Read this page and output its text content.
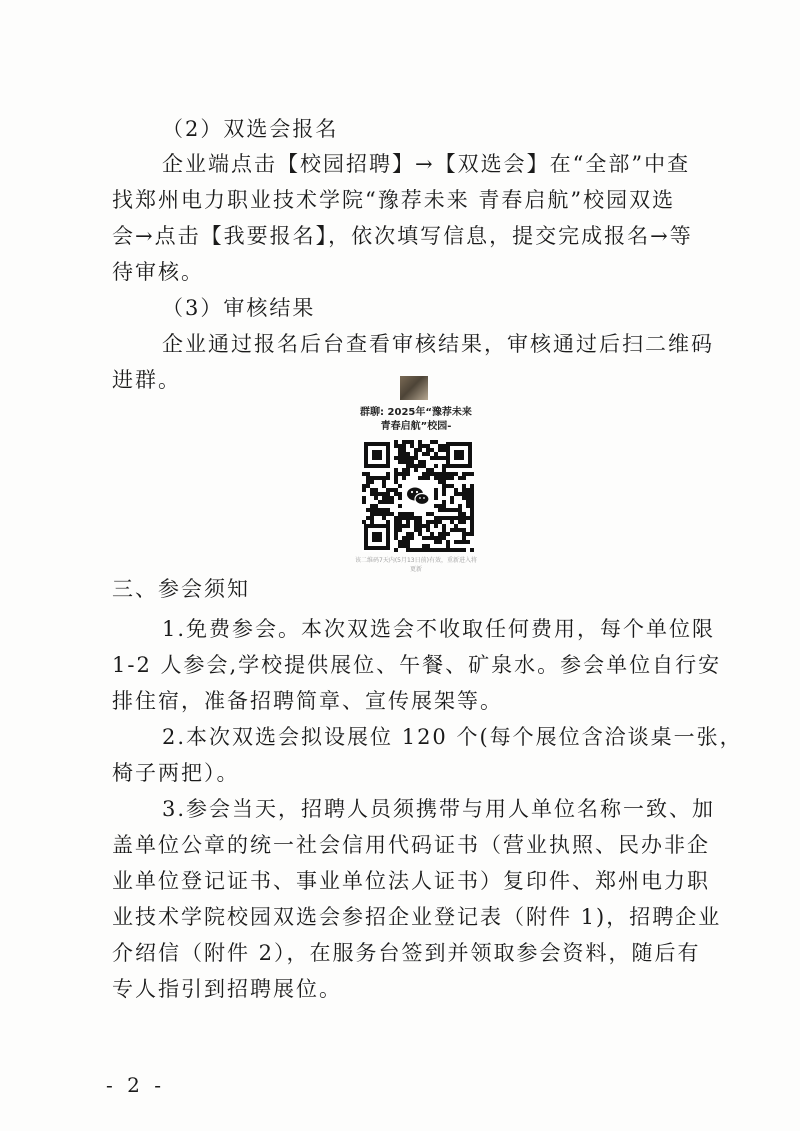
（2）双选会报名
企业端点击【校园招聘】→【双选会】在“全部”中查
找郑州电力职业技术学院“豫荐未来 青春启航”校园双选
会→点击【我要报名】，依次填写信息，提交完成报名→等
待审核。
（3）审核结果
企业通过报名后台查看审核结果，审核通过后扫二维码
进群。
群聊: 2025年“豫荐未来 青春启航”校园-
该二维码7天内(5月13日前)有效，重新进入将更新
三、参会须知
1.免费参会。本次双选会不收取任何费用，每个单位限
1-2 人参会,学校提供展位、午餐、矿泉水。参会单位自行安
排住宿，准备招聘简章、宣传展架等。
2.本次双选会拟设展位 120 个(每个展位含洽谈桌一张，
椅子两把）。
3.参会当天，招聘人员须携带与用人单位名称一致、加
盖单位公章的统一社会信用代码证书（营业执照、民办非企
业单位登记证书、事业单位法人证书）复印件、郑州电力职
业技术学院校园双选会参招企业登记表（附件 1)，招聘企业
介绍信（附件 2），在服务台签到并领取参会资料，随后有
专人指引到招聘展位。
- 2 -
